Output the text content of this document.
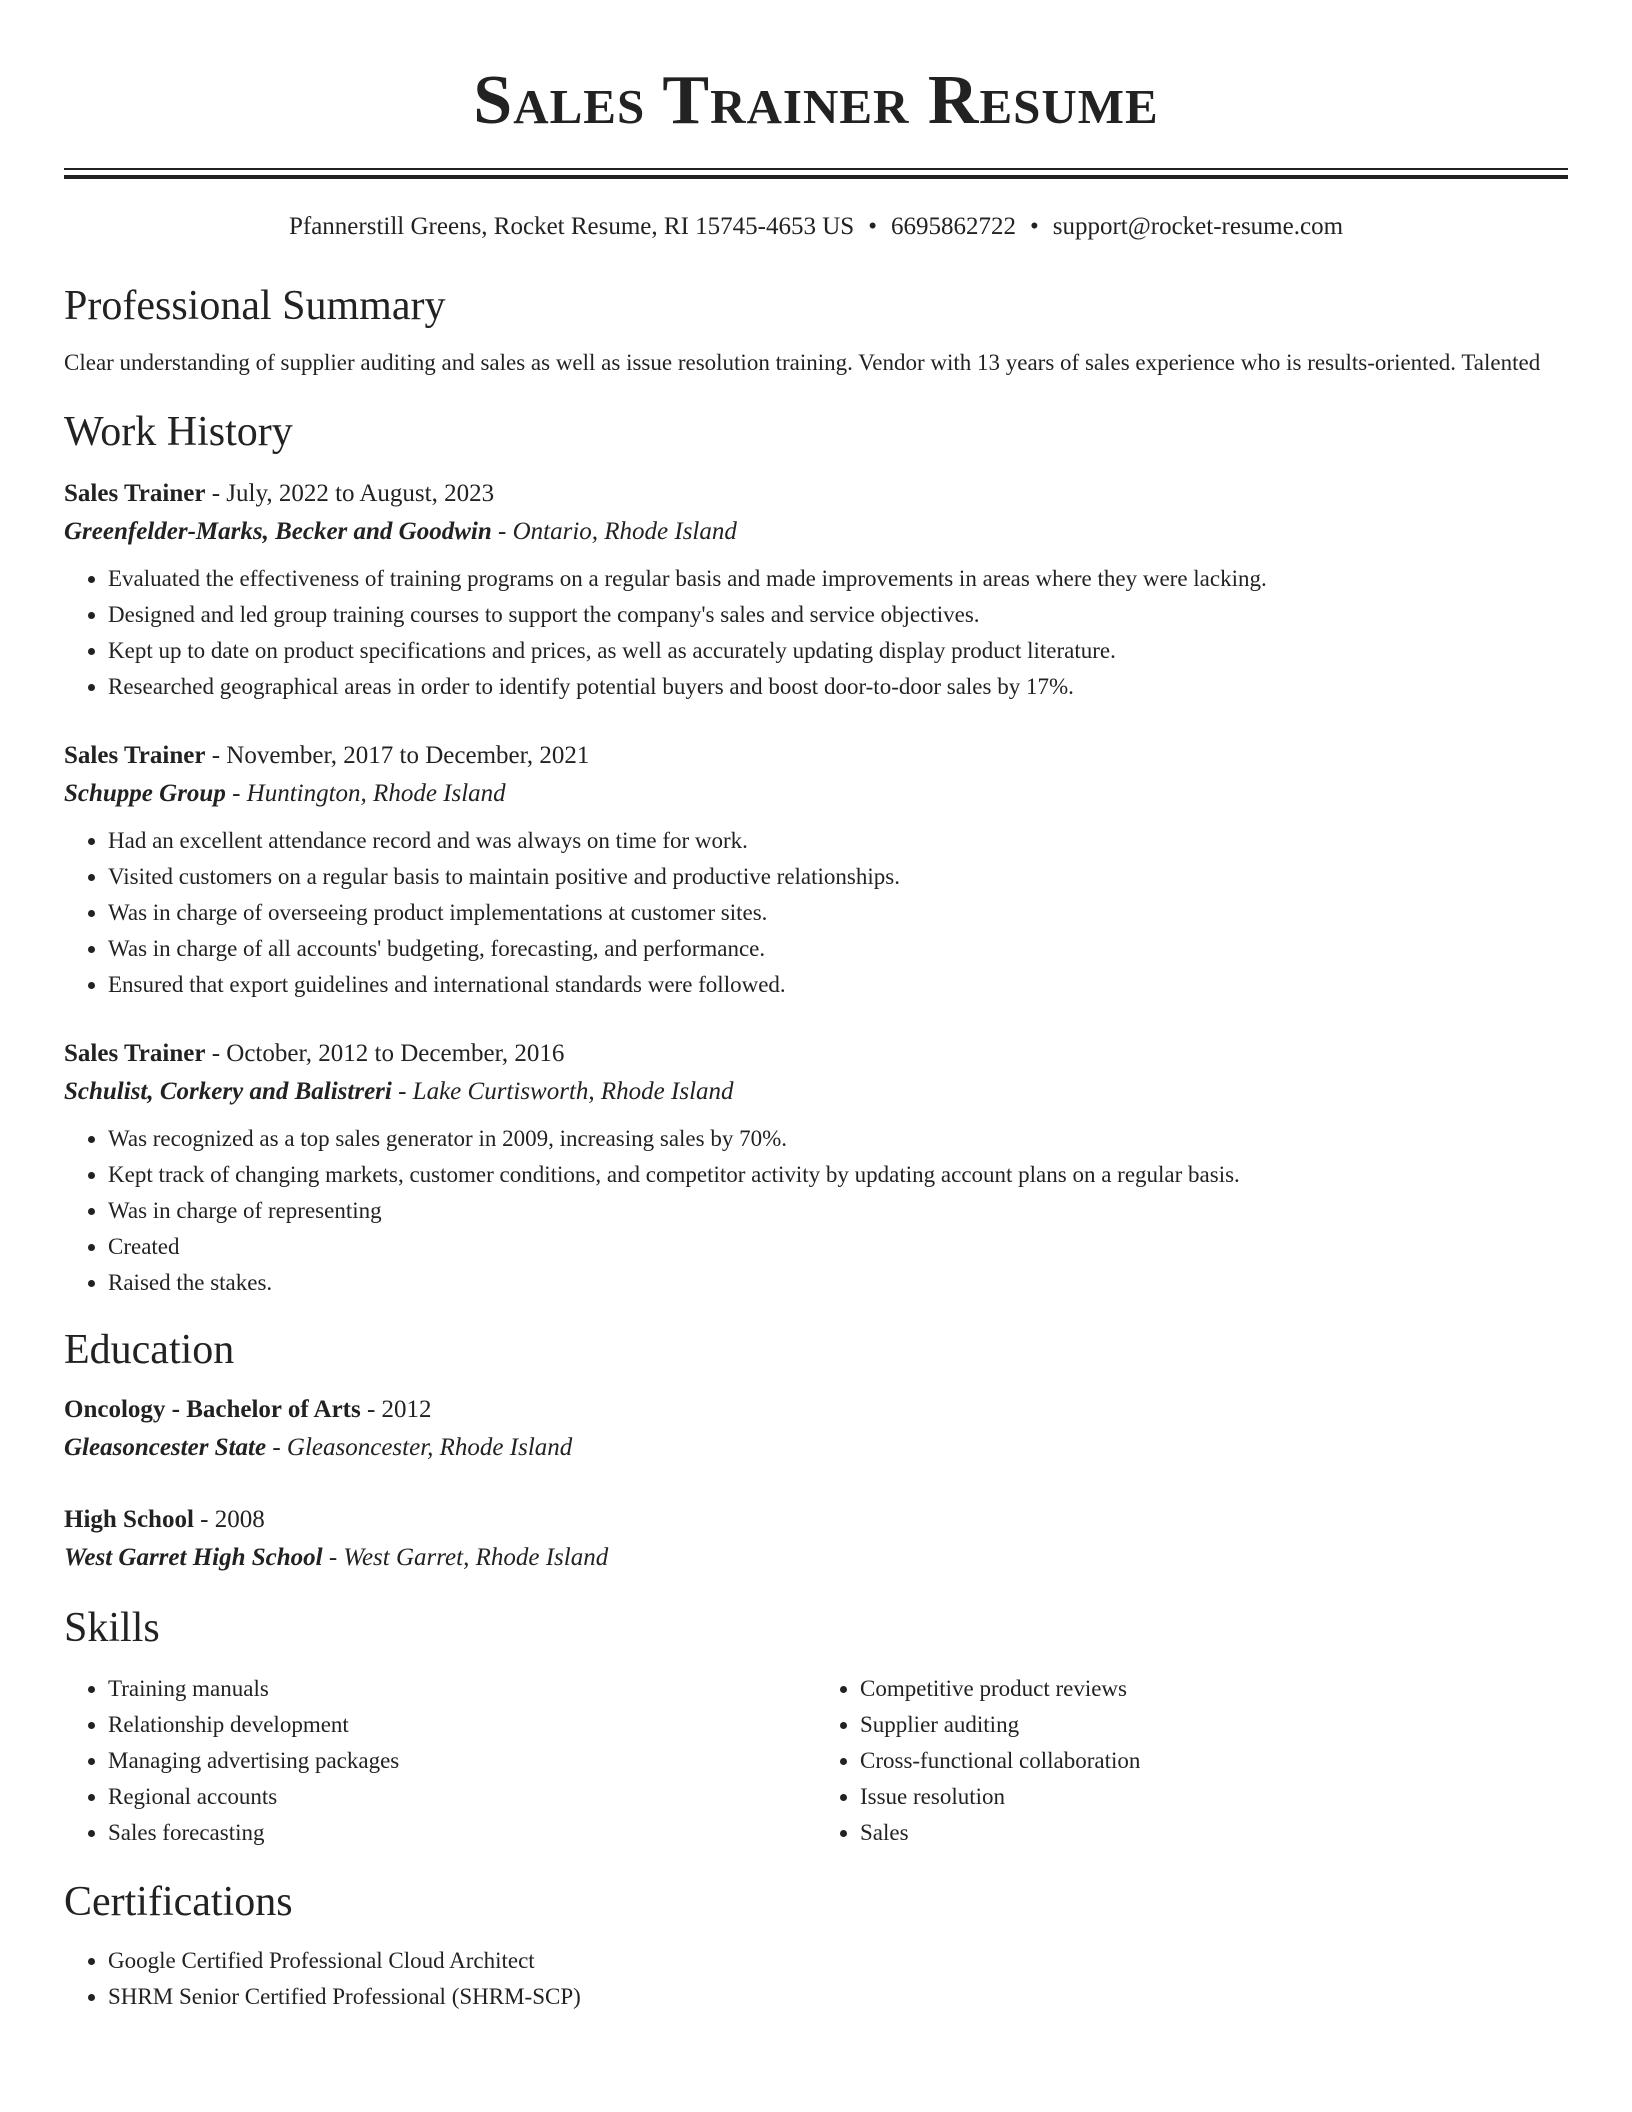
Sales Trainer Resume
Pfannerstill Greens, Rocket Resume, RI 15745-4653 US • 6695862722 • support@rocket-resume.com
Professional Summary

Clear understanding of supplier auditing and sales as well as issue resolution training. Vendor with 13 years of sales experience who is results-oriented. Talented

Work History
Sales Trainer - July, 2022 to August, 2023
Greenfelder-Marks, Becker and Goodwin - Ontario, Rhode Island
• Evaluated the effectiveness of training programs on a regular basis and made improvements in areas where they were lacking.
• Designed and led group training courses to support the company's sales and service objectives.
• Kept up to date on product specifications and prices, as well as accurately updating display product literature.
• Researched geographical areas in order to identify potential buyers and boost door-to-door sales by 17%.
Sales Trainer - November, 2017 to December, 2021
Schuppe Group - Huntington, Rhode Island
• Had an excellent attendance record and was always on time for work.
• Visited customers on a regular basis to maintain positive and productive relationships.
• Was in charge of overseeing product implementations at customer sites.
• Was in charge of all accounts' budgeting, forecasting, and performance.
• Ensured that export guidelines and international standards were followed.
Sales Trainer - October, 2012 to December, 2016
Schulist, Corkery and Balistreri - Lake Curtisworth, Rhode Island
• Was recognized as a top sales generator in 2009, increasing sales by 70%.
• Kept track of changing markets, customer conditions, and competitor activity by updating account plans on a regular basis.
• Was in charge of representing
• Created
• Raised the stakes.
Education
Oncology - Bachelor of Arts - 2012
Gleasoncester State - Gleasoncester, Rhode Island
High School - 2008
West Garret High School - West Garret, Rhode Island
Skills
• Training manuals
• Relationship development
• Managing advertising packages
• Regional accounts
• Sales forecasting
• Competitive product reviews
• Supplier auditing
• Cross-functional collaboration
• Issue resolution
• Sales
Certifications
• Google Certified Professional Cloud Architect
• SHRM Senior Certified Professional (SHRM-SCP)
